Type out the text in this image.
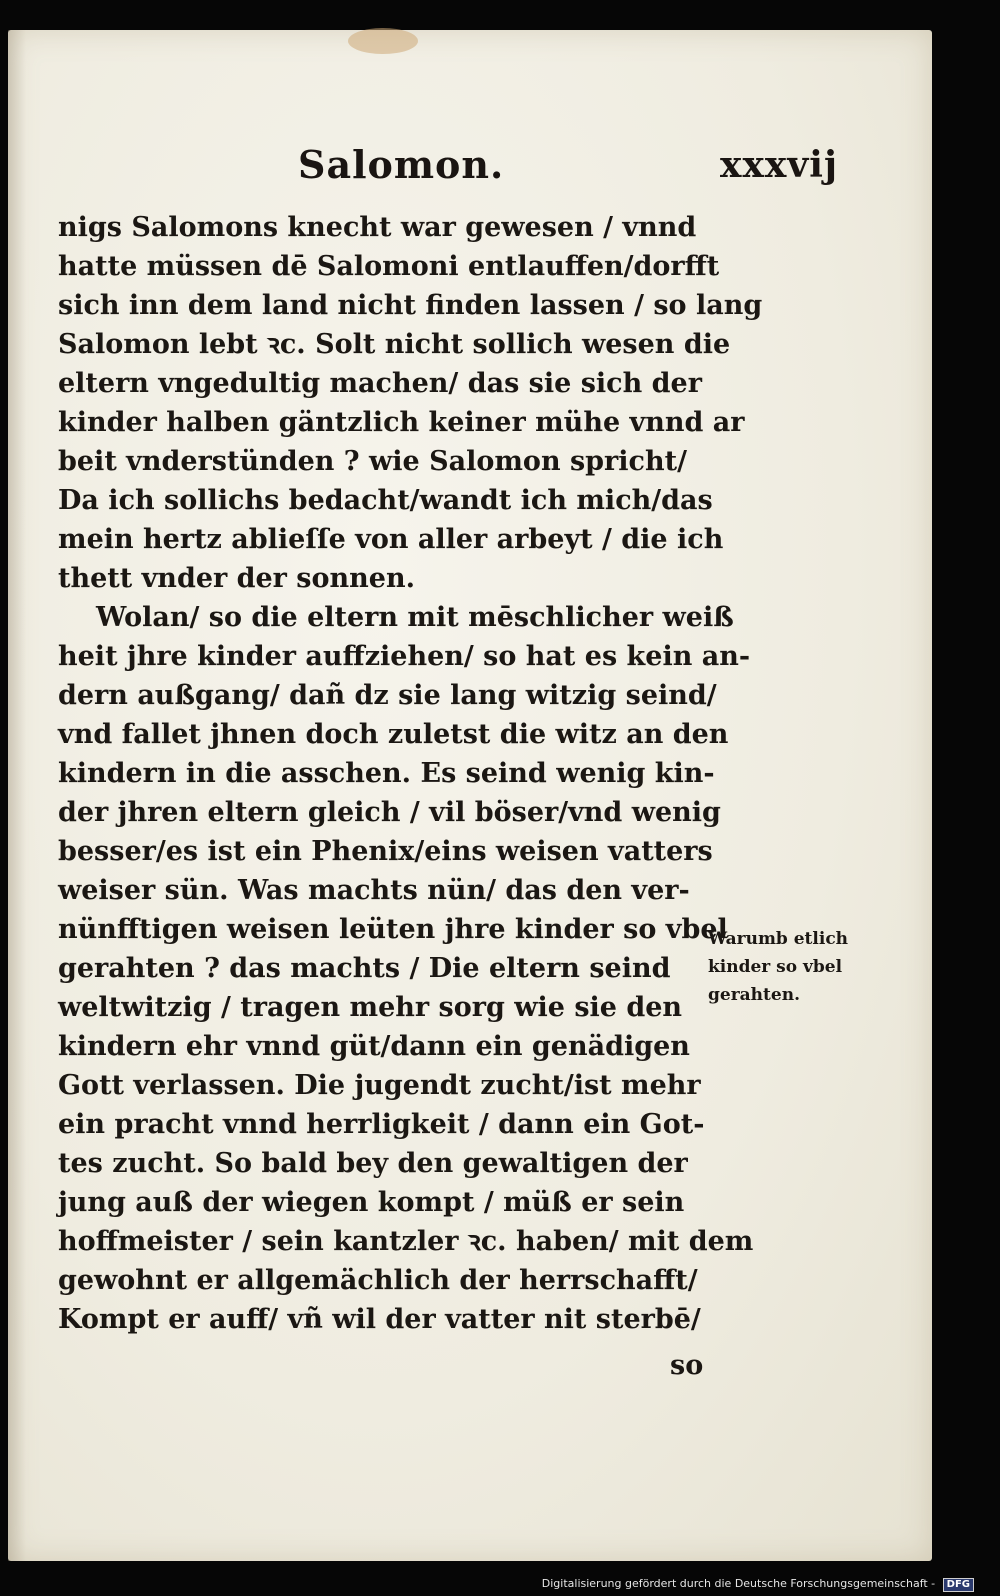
Salomon.	xxxvij
nigs Salomons knecht war gewesen / vnnd
hatte müssen dē Salomoni entlauffen/dorfft
sich inn dem land nicht finden lassen / so lang
Salomon lebt ꝛc. Solt nicht sollich wesen die
eltern vngedultig machen/ das sie sich der
kinder halben gäntzlich keiner mühe vnnd ar
beit vnderstünden ? wie Salomon spricht/
Da ich sollichs bedacht/wandt ich mich/das
mein hertz ablieſſe von aller arbeyt / die ich
thett vnder der sonnen.
Wolan/ so die eltern mit mēschlicher weiß
heit jhre kinder auffziehen/ so hat es kein an-
dern außgang/ dañ dz sie lang witzig seind/
vnd fallet jhnen doch zuletst die witz an den
kindern in die asschen. Es seind wenig kin-
der jhren eltern gleich / vil böser/vnd wenig
besser/es ist ein Phenix/eins weisen vatters
weiser sün. Was machts nün/ das den ver-
nünfftigen weisen leüten jhre kinder so vbel
gerahten ? das machts / Die eltern seind
weltwitzig / tragen mehr sorg wie sie den
kindern ehr vnnd güt/dann ein genädigen
Gott verlassen. Die jugendt zucht/ist mehr
ein pracht vnnd herrligkeit / dann ein Got-
tes zucht. So bald bey den gewaltigen der
jung auß der wiegen kompt / müß er sein
hoffmeister / sein kantzler ꝛc. haben/ mit dem
gewohnt er allgemächlich der herrschafft/
Kompt er auff/ vñ wil der vatter nit sterbē/
so
Warumb etlich
kinder so vbel
gerahten.
Digitalisierung gefördert durch die Deutsche Forschungsgemeinschaft - DFG
